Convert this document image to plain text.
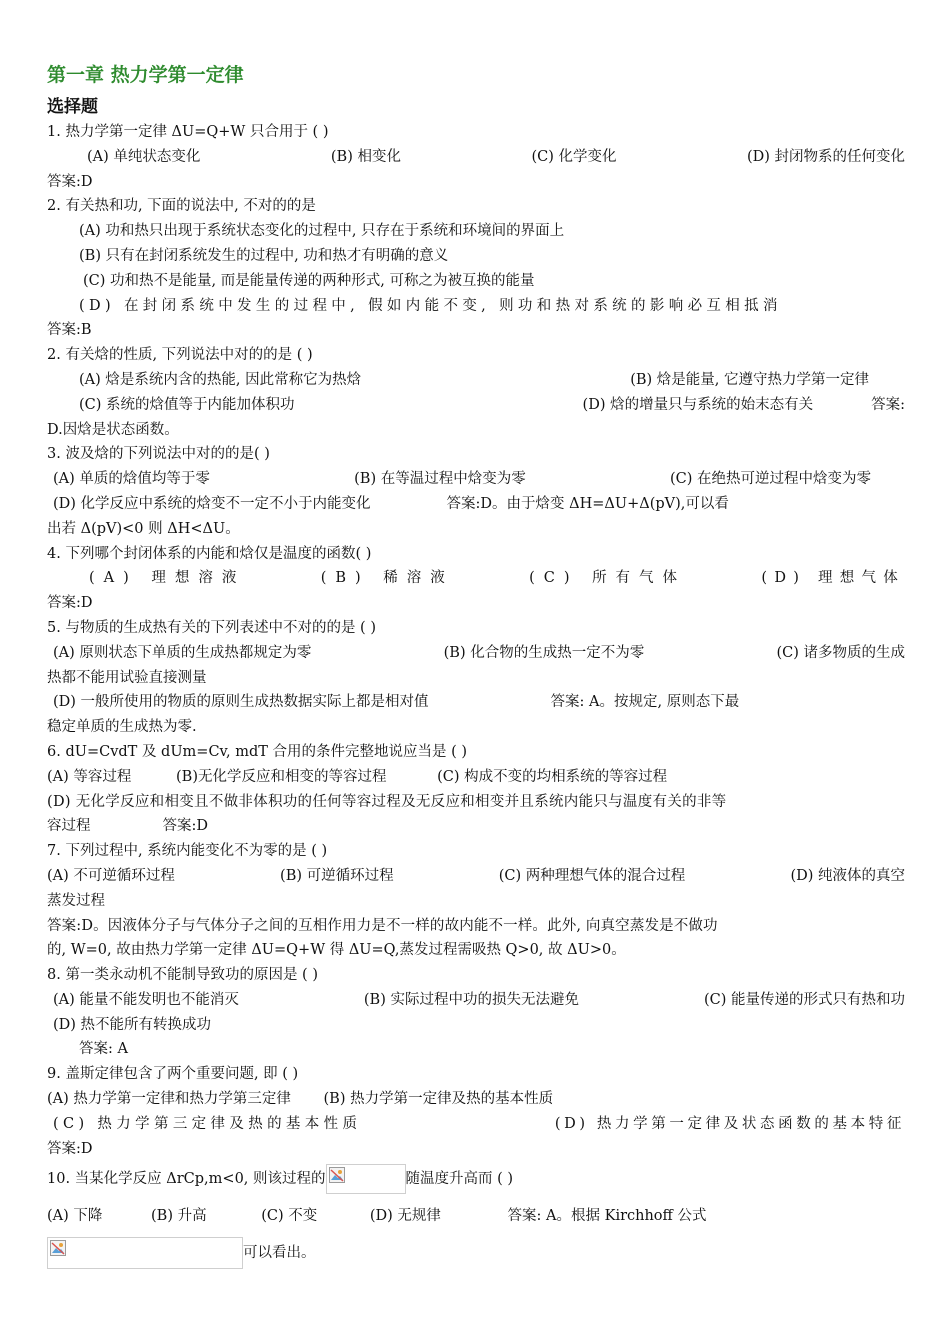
第一章 热力学第一定律
选择题
1. 热力学第一定律 ΔU=Q+W 只合用于 ( )
(A) 单纯状态变化	(B) 相变化	(C) 化学变化	(D) 封闭物系的任何变化
答案:D
2. 有关热和功, 下面的说法中, 不对的的是
(A) 功和热只出现于系统状态变化的过程中, 只存在于系统和环境间的界面上
(B) 只有在封闭系统发生的过程中, 功和热才有明确的意义
(C) 功和热不是能量, 而是能量传递的两种形式, 可称之为被互换的能量
(D) 在封闭系统中发生的过程中, 假如内能不变, 则功和热对系统的影响必互相抵消
答案:B
2. 有关焓的性质, 下列说法中对的的是 ( )
(A) 焓是系统内含的热能, 因此常称它为热焓	(B) 焓是能量, 它遵守热力学第一定律
(C) 系统的焓值等于内能加体积功	(D) 焓的增量只与系统的始末态有关	答案:
D.因焓是状态函数。
3. 波及焓的下列说法中对的的是( )
(A) 单质的焓值均等于零	(B) 在等温过程中焓变为零	(C) 在绝热可逆过程中焓变为零
(D) 化学反应中系统的焓变不一定不小于内能变化	答案:D。由于焓变 ΔH=ΔU+Δ(pV),可以看
出若 Δ(pV)<0 则 ΔH<ΔU。
4. 下列哪个封闭体系的内能和焓仅是温度的函数( )
(A) 理想溶液	(B) 稀溶液	(C) 所有气体	(D) 理想气体
答案:D
5. 与物质的生成热有关的下列表述中不对的的是 ( )
(A) 原则状态下单质的生成热都规定为零	(B) 化合物的生成热一定不为零	(C) 诸多物质的生成
热都不能用试验直接测量
(D) 一般所使用的物质的原则生成热数据实际上都是相对值	答案: A。按规定, 原则态下最
稳定单质的生成热为零.
6. dU=CvdT 及 dUm=Cv, mdT 合用的条件完整地说应当是 ( )
(A) 等容过程	(B)无化学反应和相变的等容过程	(C) 构成不变的均相系统的等容过程
(D) 无化学反应和相变且不做非体积功的任何等容过程及无反应和相变并且系统内能只与温度有关的非等
容过程	答案:D
7. 下列过程中, 系统内能变化不为零的是 ( )
(A) 不可逆循环过程	(B) 可逆循环过程	(C) 两种理想气体的混合过程	(D) 纯液体的真空
蒸发过程
答案:D。因液体分子与气体分子之间的互相作用力是不一样的故内能不一样。此外, 向真空蒸发是不做功
的, W=0, 故由热力学第一定律 ΔU=Q+W 得 ΔU=Q,蒸发过程需吸热 Q>0, 故 ΔU>0。
8. 第一类永动机不能制导致功的原因是 ( )
(A) 能量不能发明也不能消灭	(B) 实际过程中功的损失无法避免	(C) 能量传递的形式只有热和功
(D) 热不能所有转换成功
答案: A
9. 盖斯定律包含了两个重要问题, 即 ( )
(A) 热力学第一定律和热力学第三定律 (B) 热力学第一定律及热的基本性质
(C) 热力学第三定律及热的基本性质	(D) 热力学第一定律及状态函数的基本特征
答案:D
10. 当某化学反应 ΔrCp,m<0, 则该过程的	随温度升高而 ( )
(A) 下降	(B) 升高	(C) 不变	(D) 无规律	答案: A。根据 Kirchhoff 公式
可以看出。
